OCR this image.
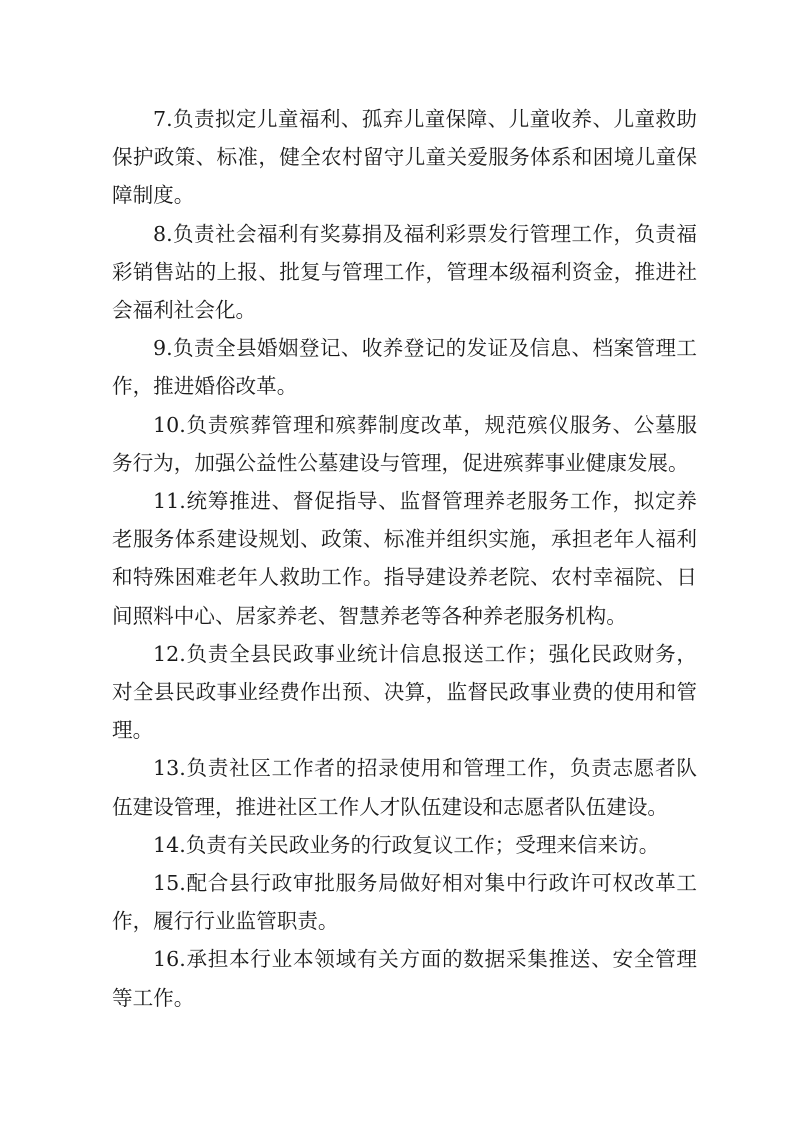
7.负责拟定儿童福利、孤弃儿童保障、儿童收养、儿童救助保护政策、标准，健全农村留守儿童关爱服务体系和困境儿童保障制度。

8.负责社会福利有奖募捐及福利彩票发行管理工作，负责福彩销售站的上报、批复与管理工作，管理本级福利资金，推进社会福利社会化。

9.负责全县婚姻登记、收养登记的发证及信息、档案管理工作，推进婚俗改革。

10.负责殡葬管理和殡葬制度改革，规范殡仪服务、公墓服务行为，加强公益性公墓建设与管理，促进殡葬事业健康发展。

11.统筹推进、督促指导、监督管理养老服务工作，拟定养老服务体系建设规划、政策、标准并组织实施，承担老年人福利和特殊困难老年人救助工作。指导建设养老院、农村幸福院、日间照料中心、居家养老、智慧养老等各种养老服务机构。

12.负责全县民政事业统计信息报送工作；强化民政财务，对全县民政事业经费作出预、决算，监督民政事业费的使用和管理。

13.负责社区工作者的招录使用和管理工作，负责志愿者队伍建设管理，推进社区工作人才队伍建设和志愿者队伍建设。

14.负责有关民政业务的行政复议工作；受理来信来访。

15.配合县行政审批服务局做好相对集中行政许可权改革工作，履行行业监管职责。

16.承担本行业本领域有关方面的数据采集推送、安全管理等工作。
